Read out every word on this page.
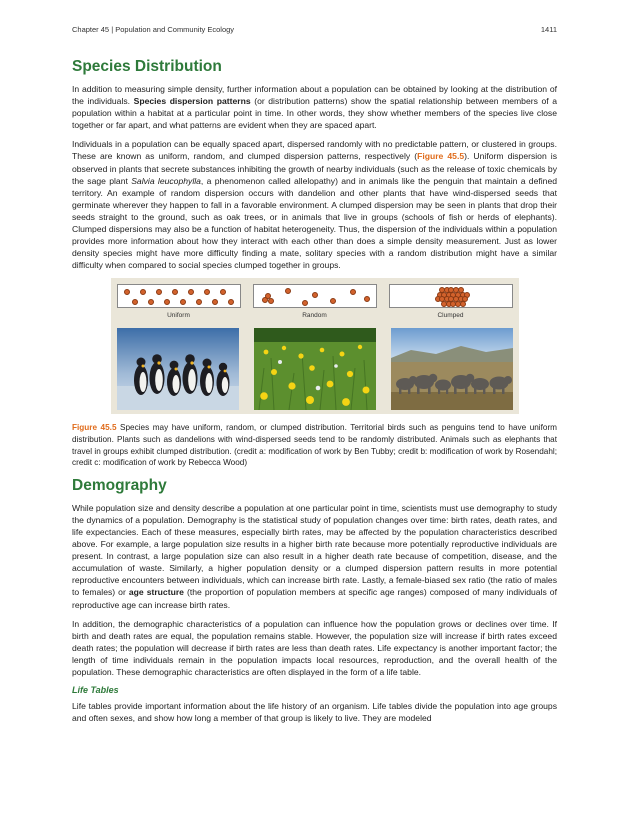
Chapter 45 | Population and Community Ecology	1411
Species Distribution

In addition to measuring simple density, further information about a population can be obtained by looking at the distribution of the individuals. Species dispersion patterns (or distribution patterns) show the spatial relationship between members of a population within a habitat at a particular point in time. In other words, they show whether members of the species live close together or far apart, and what patterns are evident when they are spaced apart.

Individuals in a population can be equally spaced apart, dispersed randomly with no predictable pattern, or clustered in groups. These are known as uniform, random, and clumped dispersion patterns, respectively (Figure 45.5). Uniform dispersion is observed in plants that secrete substances inhibiting the growth of nearby individuals (such as the release of toxic chemicals by the sage plant Salvia leucophylla, a phenomenon called allelopathy) and in animals like the penguin that maintain a defined territory. An example of random dispersion occurs with dandelion and other plants that have wind-dispersed seeds that germinate wherever they happen to fall in a favorable environment. A clumped dispersion may be seen in plants that drop their seeds straight to the ground, such as oak trees, or in animals that live in groups (schools of fish or herds of elephants). Clumped dispersions may also be a function of habitat heterogeneity. Thus, the dispersion of the individuals within a population provides more information about how they interact with each other than does a simple density measurement. Just as lower density species might have more difficulty finding a mate, solitary species with a random distribution might have a similar difficulty when compared to social species clumped together in groups.

Uniform	Random	Clumped
Figure 45.5 Species may have uniform, random, or clumped distribution. Territorial birds such as penguins tend to have uniform distribution. Plants such as dandelions with wind-dispersed seeds tend to be randomly distributed. Animals such as elephants that travel in groups exhibit clumped distribution. (credit a: modification of work by Ben Tubby; credit b: modification of work by Rosendahl; credit c: modification of work by Rebecca Wood)
Demography

While population size and density describe a population at one particular point in time, scientists must use demography to study the dynamics of a population. Demography is the statistical study of population changes over time: birth rates, death rates, and life expectancies. Each of these measures, especially birth rates, may be affected by the population characteristics described above. For example, a large population size results in a higher birth rate because more potentially reproductive individuals are present. In contrast, a large population size can also result in a higher death rate because of competition, disease, and the accumulation of waste. Similarly, a higher population density or a clumped dispersion pattern results in more potential reproductive encounters between individuals, which can increase birth rate. Lastly, a female-biased sex ratio (the ratio of males to females) or age structure (the proportion of population members at specific age ranges) composed of many individuals of reproductive age can increase birth rates.

In addition, the demographic characteristics of a population can influence how the population grows or declines over time. If birth and death rates are equal, the population remains stable. However, the population size will increase if birth rates exceed death rates; the population will decrease if birth rates are less than death rates. Life expectancy is another important factor; the length of time individuals remain in the population impacts local resources, reproduction, and the overall health of the population. These demographic characteristics are often displayed in the form of a life table.

Life Tables

Life tables provide important information about the life history of an organism. Life tables divide the population into age groups and often sexes, and show how long a member of that group is likely to live. They are modeled
